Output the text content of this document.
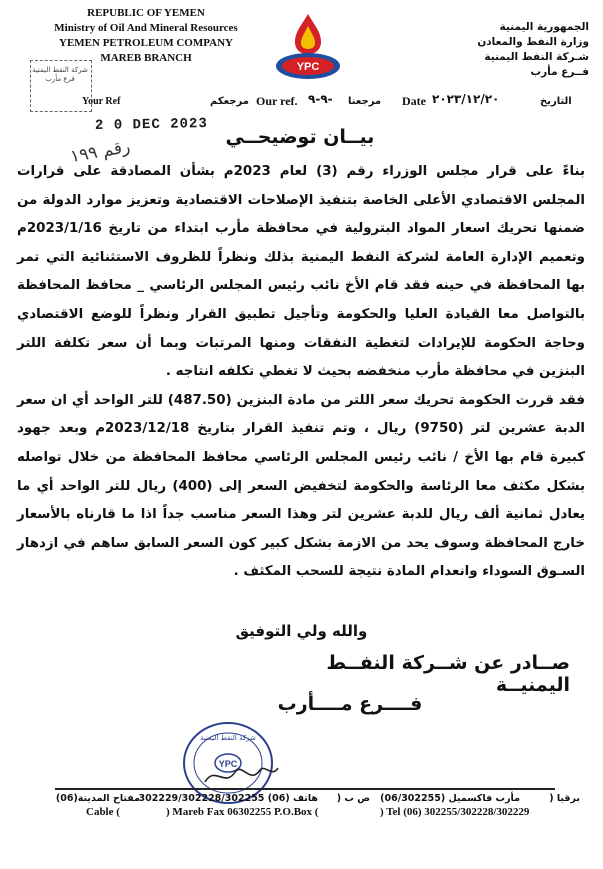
REPUBLIC OF YEMEN
Ministry of Oil And Mineral Resources
YEMEN PETROLEUM COMPANY
MAREB BRANCH
الجمهورية اليمنية
وزارة النفط والمعادن
شـركة النفط اليمنية
فــرع مأرب
YPC
شركة النفط اليمنية
فرع مأرب
Your Ref	مرجعكم Our ref. ٩-٩- مرجعنا Date ٢٠٢٣/١٢/٢٠	التاريخ
2 0 DEC 2023
رقم ١٩٩	بيــان توضيحــي

بناءً على قرار مجلس الوزراء رقم (3) لعام 2023م بشأن المصادقة على قرارات المجلس الاقتصادي الأعلى الخاصة بتنفيذ الإصلاحات الاقتصادية وتعزيز موارد الدولة من ضمنها تحريك اسعار المواد البترولية في محافظة مأرب ابتداء من تاريخ 2023/1/16م وتعميم الإدارة العامة لشركة النفط اليمنية بذلك ونظراً للظروف الاستثنائية التي تمر بها المحافظة في حينه فقد قام الأخ نائب رئيس المجلس الرئاسي _ محافظ المحافظة بالتواصل معا القيادة العليا والحكومة وتأجيل تطبيق القرار ونظراً للوضع الاقتصادي وحاجة الحكومة للإيرادات لتغطية النفقات ومنها المرتبات وبما أن سعر تكلفة اللتر البنزين في محافظة مأرب منخفضه بحيث لا تغطي تكلفه انتاجه .

فقد قررت الحكومة تحريك سعر اللتر من مادة البنزين (487.50) للتر الواحد أي ان سعر الدبة عشرين لتر (9750) ريال ، وتم تنفيذ القرار بتاريخ 2023/12/18م وبعد جهود كبيرة قام بها الأخ / نائب رئيس المجلس الرئاسي محافظ المحافظة من خلال تواصله بشكل مكثف معا الرئاسة والحكومة لتخفيض السعر إلى (400) ريال للتر الواحد أي ما يعادل ثمانية ألف ريال للدبة عشرين لتر وهذا السعر مناسب جداً اذا ما قارناه بالأسعار خارج المحافظة وسوف يحد من الازمة بشكل كبير كون السعر السابق ساهم في ازدهار السـوق السوداء وانعدام المادة نتيجة للسحب المكثف .

والله ولي التوفيق
صــادر عن شــركة النفــط اليمنيــة
فــــرع مــــأرب
YPC
شركة النفط اليمنية
برقيا (
مأرب فاكسميل (06/302255)
ص ب (
هاتف (06) 302229/302228/302255
مفتاح المدينة(06)
Cable (	) Mareb Fax 06302255 P.O.Box (	) Tel (06) 302255/302228/302229
